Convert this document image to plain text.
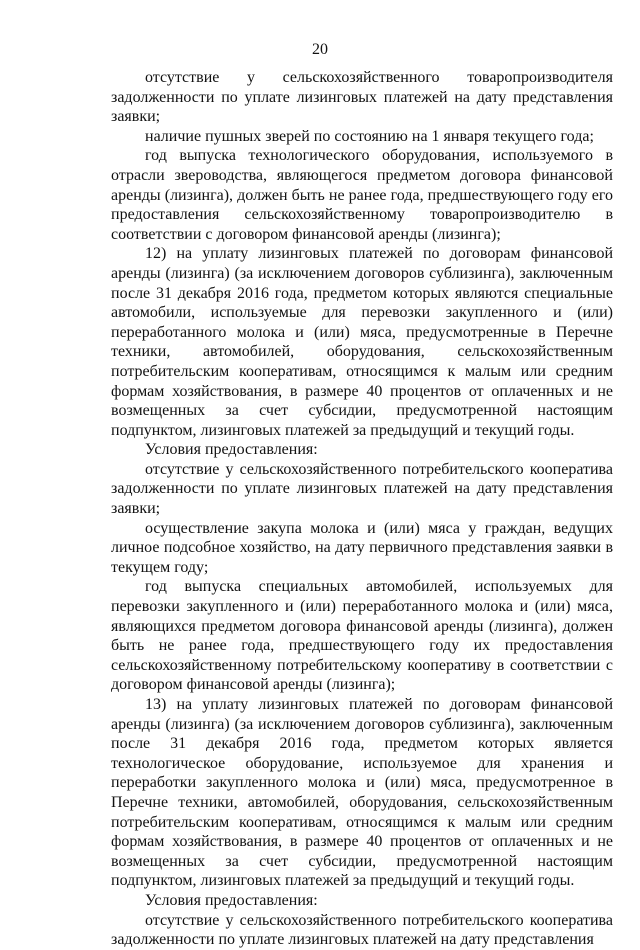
20

отсутствие у сельскохозяйственного товаропроизводителя задолженности по уплате лизинговых платежей на дату представления заявки;

наличие пушных зверей по состоянию на 1 января текущего года;

год выпуска технологического оборудования, используемого в отрасли звероводства, являющегося предметом договора финансовой аренды (лизинга), должен быть не ранее года, предшествующего году его предоставления сельскохозяйственному товаропроизводителю в соответствии с договором финансовой аренды (лизинга);

12) на уплату лизинговых платежей по договорам финансовой аренды (лизинга) (за исключением договоров сублизинга), заключенным после 31 декабря 2016 года, предметом которых являются специальные автомобили, используемые для перевозки закупленного и (или) переработанного молока и (или) мяса, предусмотренные в Перечне техники, автомобилей, оборудования, сельскохозяйственным потребительским кооперативам, относящимся к малым или средним формам хозяйствования, в размере 40 процентов от оплаченных и не возмещенных за счет субсидии, предусмотренной настоящим подпунктом, лизинговых платежей за предыдущий и текущий годы.

Условия предоставления:

отсутствие у сельскохозяйственного потребительского кооператива задолженности по уплате лизинговых платежей на дату представления заявки;

осуществление закупа молока и (или) мяса у граждан, ведущих личное подсобное хозяйство, на дату первичного представления заявки в текущем году;

год выпуска специальных автомобилей, используемых для перевозки закупленного и (или) переработанного молока и (или) мяса, являющихся предметом договора финансовой аренды (лизинга), должен быть не ранее года, предшествующего году их предоставления сельскохозяйственному потребительскому кооперативу в соответствии с договором финансовой аренды (лизинга);

13) на уплату лизинговых платежей по договорам финансовой аренды (лизинга) (за исключением договоров сублизинга), заключенным после 31 декабря 2016 года, предметом которых является технологическое оборудование, используемое для хранения и переработки закупленного молока и (или) мяса, предусмотренное в Перечне техники, автомобилей, оборудования, сельскохозяйственным потребительским кооперативам, относящимся к малым или средним формам хозяйствования, в размере 40 процентов от оплаченных и не возмещенных за счет субсидии, предусмотренной настоящим подпунктом, лизинговых платежей за предыдущий и текущий годы.

Условия предоставления:

отсутствие у сельскохозяйственного потребительского кооператива задолженности по уплате лизинговых платежей на дату представления
